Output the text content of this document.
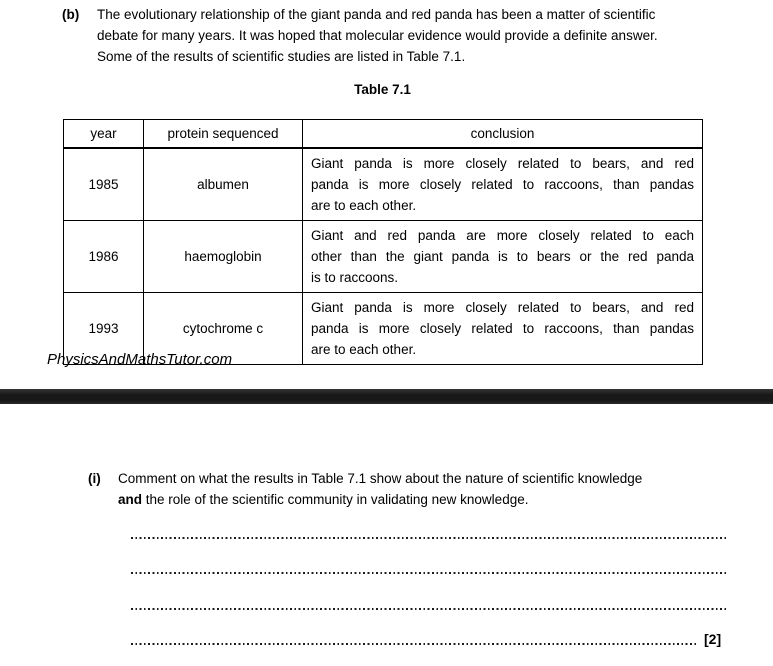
(b)	The evolutionary relationship of the giant panda and red panda has been a matter of scientific
debate for many years. It was hoped that molecular evidence would provide a definite answer.
Some of the results of scientific studies are listed in Table 7.1.
Table 7.1
year	protein sequenced	conclusion
1985	albumen	Giant panda is more closely related to bears, and red
panda is more closely related to raccoons, than pandas
are to each other.

1986	haemoglobin	Giant and red panda are more closely related to each
other than the giant panda is to bears or the red panda
is to raccoons.

1993	cytochrome c	Giant panda is more closely related to bears, and red
panda is more closely related to raccoons, than pandas
are to each other.
PhysicsAndMathsTutor.com
(i)	Comment on what the results in Table 7.1 show about the nature of scientific knowledge
and the role of the scientific community in validating new knowledge.
[2]
